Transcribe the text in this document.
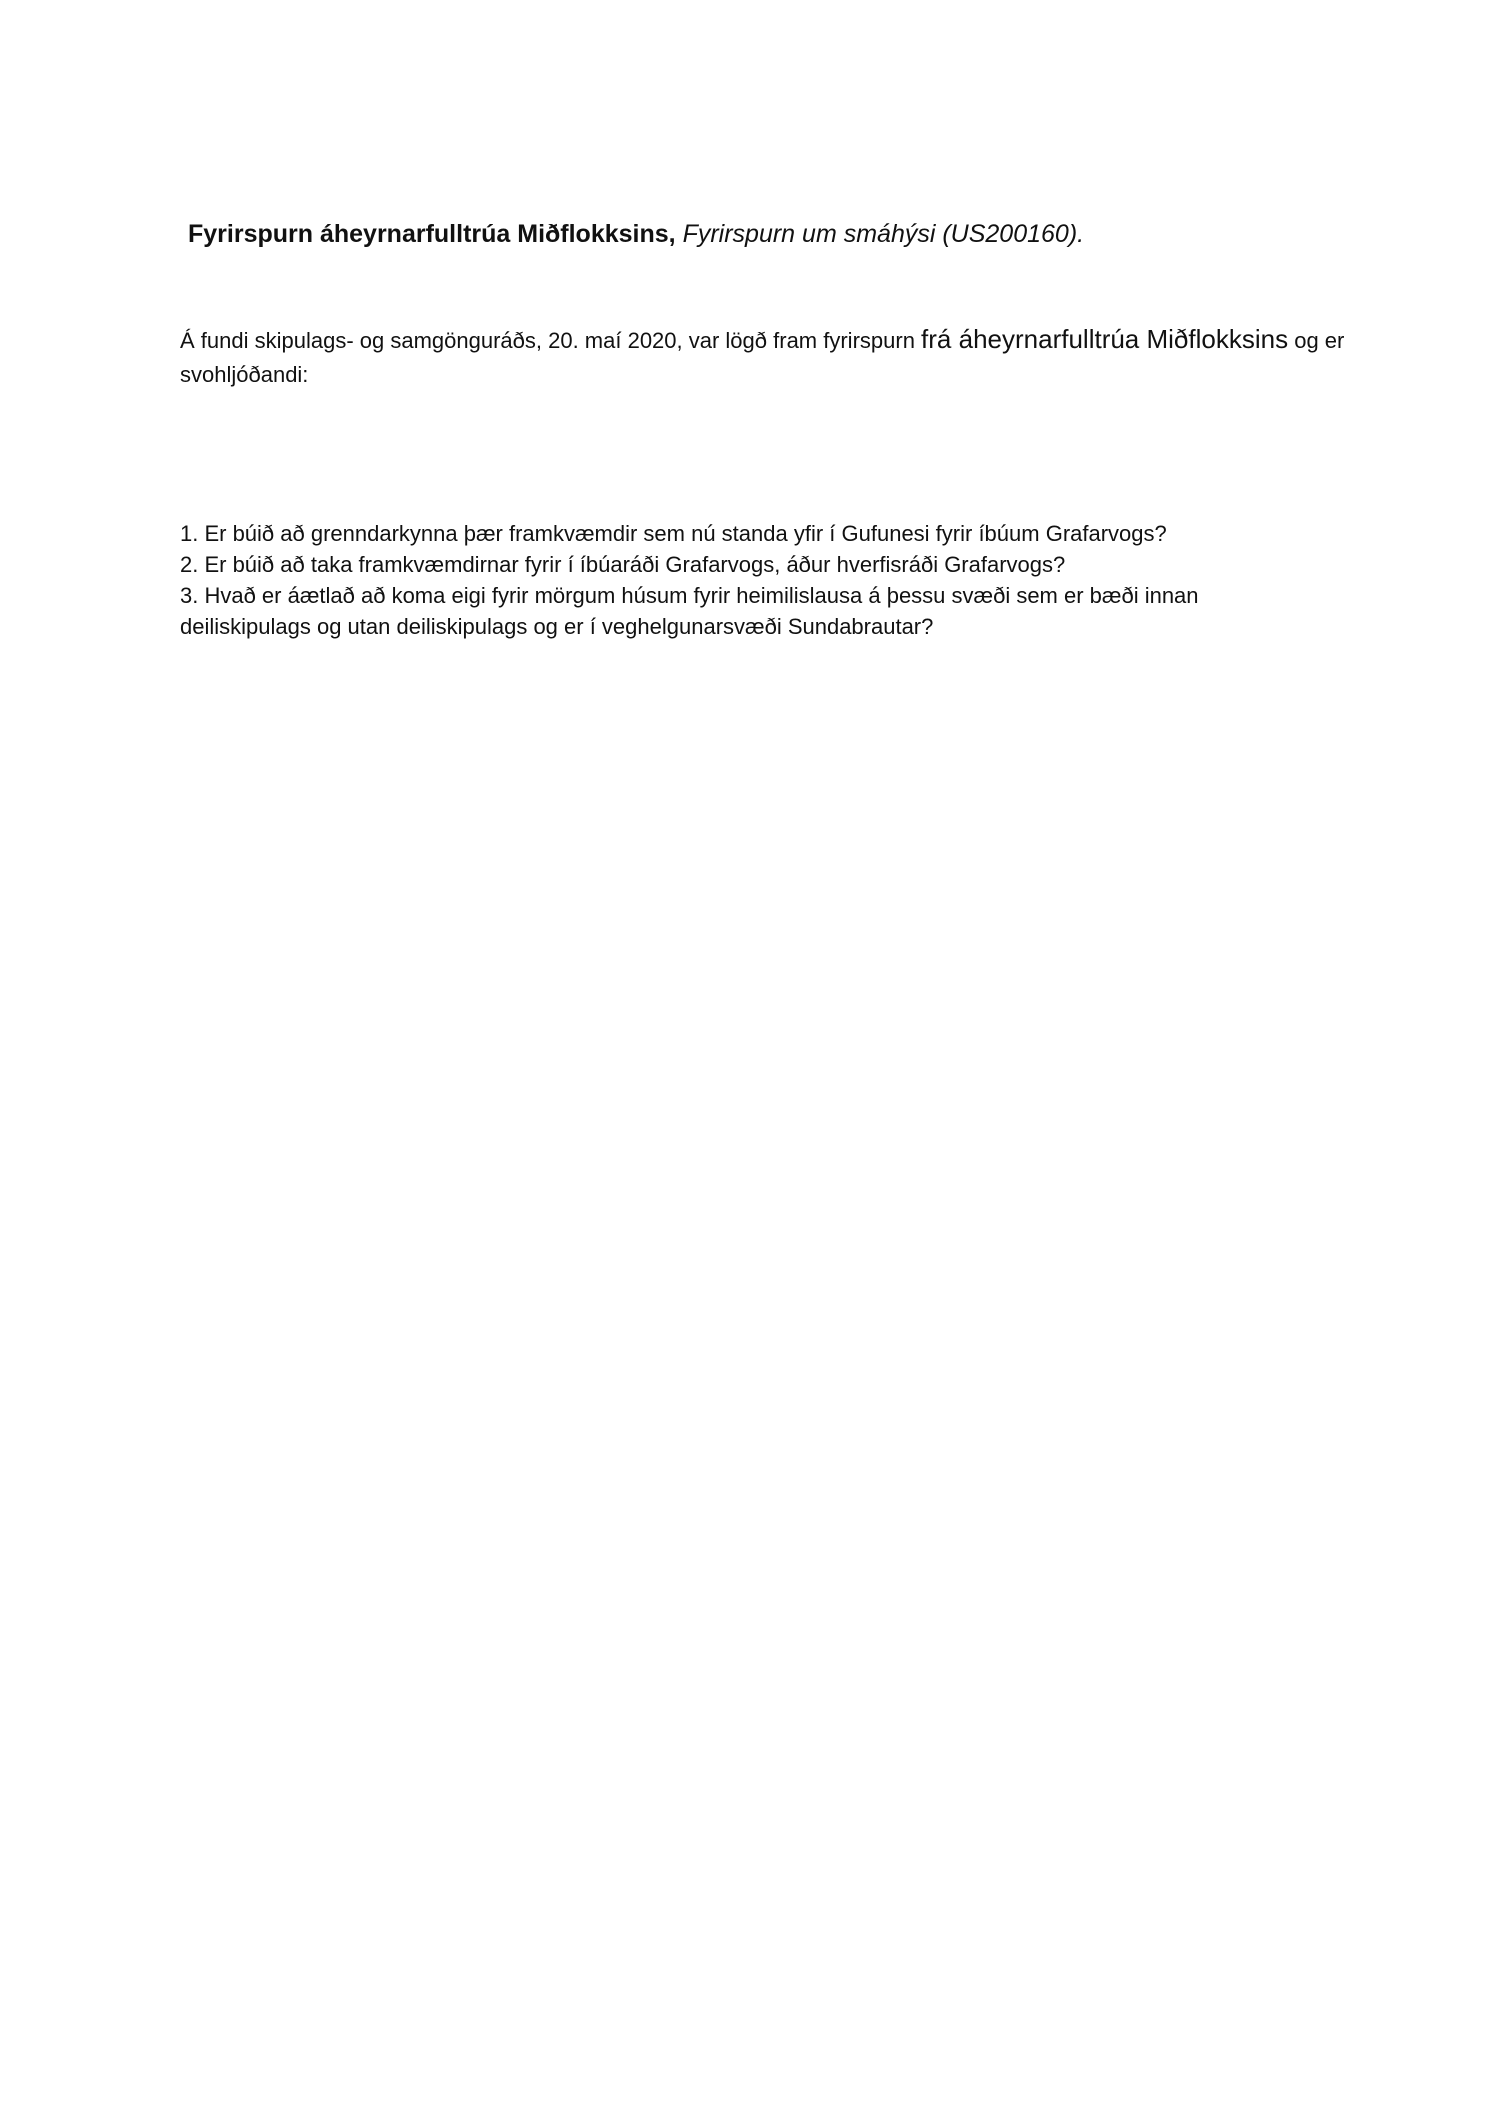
Fyrirspurn áheyrnarfulltrúa Miðflokksins, Fyrirspurn um smáhýsi (US200160).
Á fundi skipulags- og samgönguráðs, 20. maí 2020, var lögð fram fyrirspurn frá áheyrnarfulltrúa Miðflokksins og er svohljóðandi:

1. Er búið að grenndarkynna þær framkvæmdir sem nú standa yfir í Gufunesi fyrir íbúum Grafarvogs?

2. Er búið að taka framkvæmdirnar fyrir í íbúaráði Grafarvogs, áður hverfisráði Grafarvogs?

3. Hvað er áætlað að koma eigi fyrir mörgum húsum fyrir heimilislausa á þessu svæði sem er bæði innan deiliskipulags og utan deiliskipulags og er í veghelgunarsvæði Sundabrautar?
